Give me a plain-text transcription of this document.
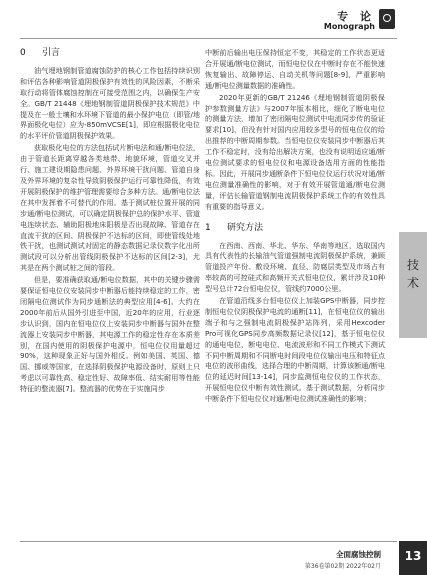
专 论
Monograph
0 引言

油气埋地钢制管道腐蚀防护的核心工作包括持续识别和评估各种影响管道阴极保护有效性的风险因素，不断采取行动将管体腐蚀控制在可接受范围之内，以确保生产安全。GB/T 21448《埋地钢制管道阴极保护技术规范》中提及在一般土壤和水环境下管道的最小保护电位（即管/地界面极化电位）应为-850mVCSE[1]，即应根据极化电位的水平评价管道阴极保护效果。

获取极化电位的方法包括试片断电法和通/断电位法，由于管道长距离穿越各类地带、地貌环境，管道交叉并行、施工建设期隐患问题、外界环境干扰问题、管道自身及外界环境的复杂性导致阴极保护运行可靠性降低，有效开展阴极保护的维护管理需要综合多种方法。通/断电位法在其中发挥着不可替代的作用。基于测试桩位置开展的同步通/断电位测试，可以确定阴极保护总的保护水平、管道电连续状态、辅助阳极地床阳极是否出现故障、管道存在直流干扰的区间、阴极保护不达标的区间，即使管线处地铁干扰，也测试测试对固定的静态数据记录仪数字化出所测试段可以分析出管线阴极保护不达标的区间[2-3]，尤其是在两个测试桩之间的管段。

但是，要准确获取通/断电位数据，其中的关键步骤需要保证恒电位仪安装同步中断器后能持续稳定的工作，密闭隔电位测试作为同步通断法的典型应用[4-6]。大约在2000年前后从国外引进至中国，近20年的应用，行业逐步认识到，国内在恒电位仪上安装同步中断器与国外在整流器上安装同步中断器，其电源工作的稳定性存在本质差别，在国内使用的阴极保护电源中，恒电位仪用量超过90%，这种现象正好与国外相反。例如美国、英国、德国、挪威等国家，在选择阴极保护电源设备时，原则上只考虑以可靠性高、稳定性好、故障率低、结实耐用等性能特征的整流器[7]。整流器的优势在于实施同步

中断前后输出电压保持恒定不变，其稳定的工作状态更适合开展通/断电位测试，而恒电位仪在中断时存在不能快速恢复输出、故障停运、自动关机等问题[8-9]，严重影响通/断电位测量数据的准确性。

2020年更新的GB/T 21246《埋地钢制管道阴极保护参数测量方法》与2007年版本相比，细化了断电电位的测量方法，增加了密闭隔电位测试中电流同步传的验证要求[10]，但没有针对国内应用较多型号的恒电位仪的给出推荐的中断周期参数。当恒电位仪安装同步中断器后其工作不稳定时，没有给出解决方案，也没有说明适应通/断电位测试要求的恒电位仪和电源设备选用方面的性能指标。因此，开展同步通断条件下恒电位仪运行状况对通/断电位测量准确性的影响，对于有效开展管道通/断电位测量，评估长输管道钢制电流阴极保护系统工作的有效性具有重要的指导意义。

1 研究方法

在西南、西南、华北、华东、华南等地区，选取国内具有代表性的长输油气管道强制电流阴极保护系统，兼顾管道投产年份、敷设环境、直径、防腐层类型及市场占有率较高的可控硅式和高频开关式恒电位仪，累计涉及10种型号总计72台恒电位仪，管线约7000公里。

在管道沿线多台恒电位仪上加装GPS中断器，同步控制恒电位仪阴极保护电流的通断[11]，在恒电位仪的输出端子和与之强制电流阴极保护站阵列，采用Hexcoder Pro可视化GPS同步高频数据记录仪[12]，基于恒电位仪的通电电位、断电电位、电流波形和不同工作模式下测试不同中断周期和不同断电时间段电位仪输出电压和特征点电位的波形曲线，选择合理的中断周期，计算该断通/断电位的延迟时间[13-14]，同步监测恒电位仪的工作状态，开展恒电位仪中断有效性测试。基于测试数据，分析同步中断条件下恒电位仪对通/断电位测试准确性的影响；

技术
全面腐蚀控制
第36卷第02期 2022年02月
13
